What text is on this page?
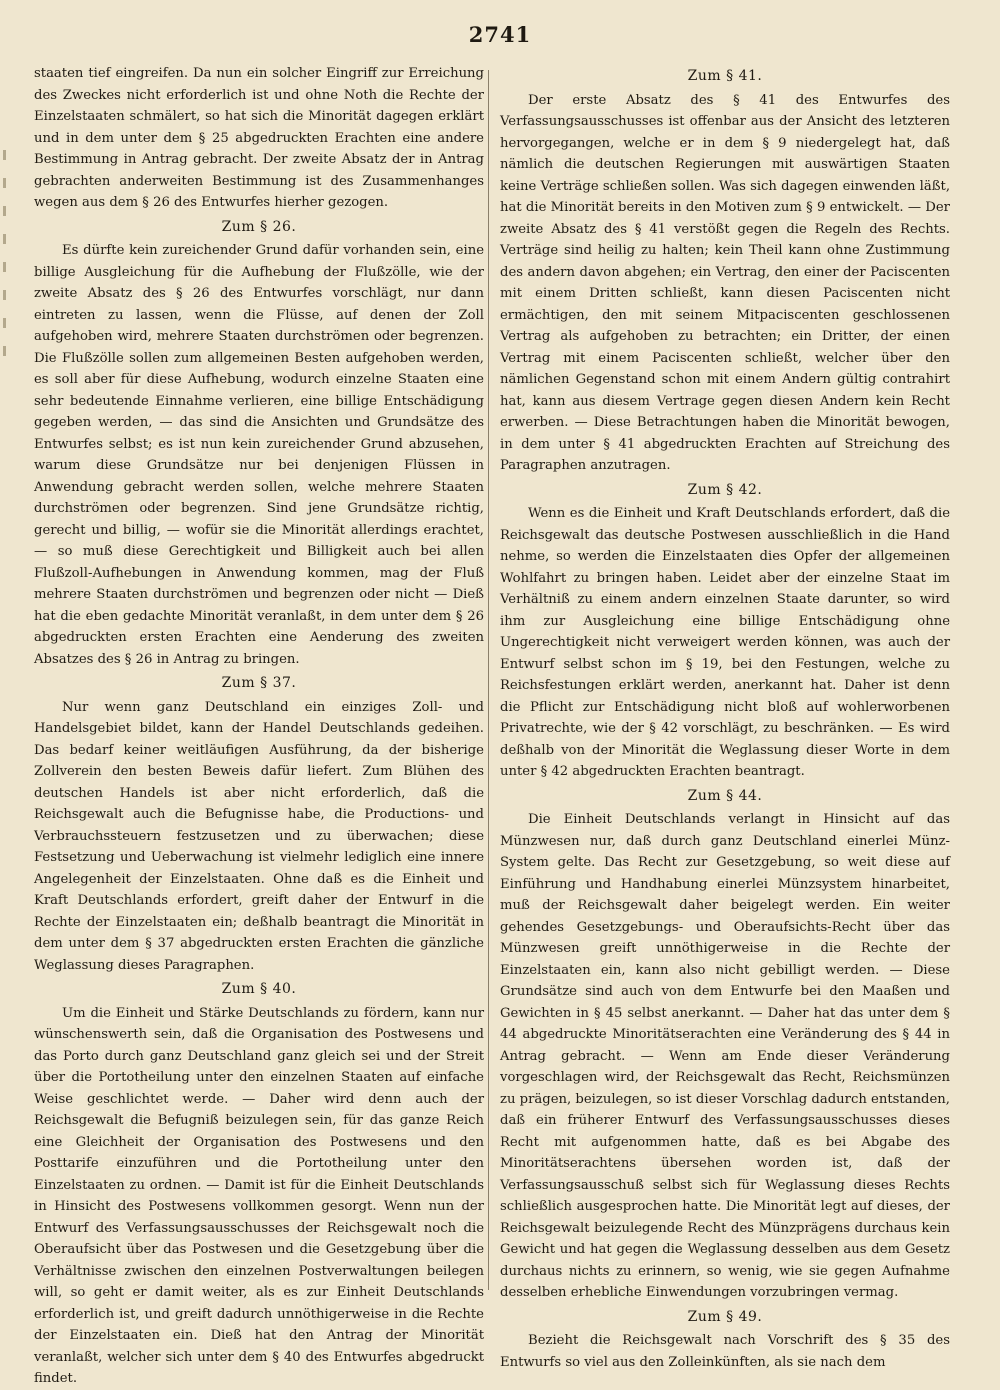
2741

staaten tief eingreifen. Da nun ein solcher Eingriff zur Erreichung des Zweckes nicht erforderlich ist und ohne Noth die Rechte der Einzelstaaten schmälert, so hat sich die Minorität dagegen erklärt und in dem unter dem § 25 abgedruckten Erachten eine andere Bestimmung in Antrag gebracht. Der zweite Absatz der in Antrag gebrachten anderweiten Bestimmung ist des Zusammenhanges wegen aus dem § 26 des Entwurfes hierher gezogen.

Zum § 26.

Es dürfte kein zureichender Grund dafür vorhanden sein, eine billige Ausgleichung für die Aufhebung der Flußzölle, wie der zweite Absatz des § 26 des Entwurfes vorschlägt, nur dann eintreten zu lassen, wenn die Flüsse, auf denen der Zoll aufgehoben wird, mehrere Staaten durchströmen oder begrenzen. Die Flußzölle sollen zum allgemeinen Besten aufgehoben werden, es soll aber für diese Aufhebung, wodurch einzelne Staaten eine sehr bedeutende Einnahme verlieren, eine billige Entschädigung gegeben werden, — das sind die Ansichten und Grundsätze des Entwurfes selbst; es ist nun kein zureichender Grund abzusehen, warum diese Grundsätze nur bei denjenigen Flüssen in Anwendung gebracht werden sollen, welche mehrere Staaten durchströmen oder begrenzen. Sind jene Grundsätze richtig, gerecht und billig, — wofür sie die Minorität allerdings erachtet, — so muß diese Gerechtigkeit und Billigkeit auch bei allen Flußzoll-Aufhebungen in Anwendung kommen, mag der Fluß mehrere Staaten durchströmen und begrenzen oder nicht — Dieß hat die eben gedachte Minorität veranlaßt, in dem unter dem § 26 abgedruckten ersten Erachten eine Aenderung des zweiten Absatzes des § 26 in Antrag zu bringen.

Zum § 37.

Nur wenn ganz Deutschland ein einziges Zoll- und Handelsgebiet bildet, kann der Handel Deutschlands gedeihen. Das bedarf keiner weitläufigen Ausführung, da der bisherige Zollverein den besten Beweis dafür liefert. Zum Blühen des deutschen Handels ist aber nicht erforderlich, daß die Reichsgewalt auch die Befugnisse habe, die Productions- und Verbrauchssteuern festzusetzen und zu überwachen; diese Festsetzung und Ueberwachung ist vielmehr lediglich eine innere Angelegenheit der Einzelstaaten. Ohne daß es die Einheit und Kraft Deutschlands erfordert, greift daher der Entwurf in die Rechte der Einzelstaaten ein; deßhalb beantragt die Minorität in dem unter dem § 37 abgedruckten ersten Erachten die gänzliche Weglassung dieses Paragraphen.

Zum § 40.

Um die Einheit und Stärke Deutschlands zu fördern, kann nur wünschenswerth sein, daß die Organisation des Postwesens und das Porto durch ganz Deutschland ganz gleich sei und der Streit über die Portotheilung unter den einzelnen Staaten auf einfache Weise geschlichtet werde. — Daher wird denn auch der Reichsgewalt die Befugniß beizulegen sein, für das ganze Reich eine Gleichheit der Organisation des Postwesens und den Posttarife einzuführen und die Portotheilung unter den Einzelstaaten zu ordnen. — Damit ist für die Einheit Deutschlands in Hinsicht des Postwesens vollkommen gesorgt. Wenn nun der Entwurf des Verfassungsausschusses der Reichsgewalt noch die Oberaufsicht über das Postwesen und die Gesetzgebung über die Verhältnisse zwischen den einzelnen Postverwaltungen beilegen will, so geht er damit weiter, als es zur Einheit Deutschlands erforderlich ist, und greift dadurch unnöthigerweise in die Rechte der Einzelstaaten ein. Dieß hat den Antrag der Minorität veranlaßt, welcher sich unter dem § 40 des Entwurfes abgedruckt findet.

Zum § 41.

Der erste Absatz des § 41 des Entwurfes des Verfassungsausschusses ist offenbar aus der Ansicht des letzteren hervorgegangen, welche er in dem § 9 niedergelegt hat, daß nämlich die deutschen Regierungen mit auswärtigen Staaten keine Verträge schließen sollen. Was sich dagegen einwenden läßt, hat die Minorität bereits in den Motiven zum § 9 entwickelt. — Der zweite Absatz des § 41 verstößt gegen die Regeln des Rechts. Verträge sind heilig zu halten; kein Theil kann ohne Zustimmung des andern davon abgehen; ein Vertrag, den einer der Paciscenten mit einem Dritten schließt, kann diesen Paciscenten nicht ermächtigen, den mit seinem Mitpaciscenten geschlossenen Vertrag als aufgehoben zu betrachten; ein Dritter, der einen Vertrag mit einem Paciscenten schließt, welcher über den nämlichen Gegenstand schon mit einem Andern gültig contrahirt hat, kann aus diesem Vertrage gegen diesen Andern kein Recht erwerben. — Diese Betrachtungen haben die Minorität bewogen, in dem unter § 41 abgedruckten Erachten auf Streichung des Paragraphen anzutragen.

Zum § 42.

Wenn es die Einheit und Kraft Deutschlands erfordert, daß die Reichsgewalt das deutsche Postwesen ausschließlich in die Hand nehme, so werden die Einzelstaaten dies Opfer der allgemeinen Wohlfahrt zu bringen haben. Leidet aber der einzelne Staat im Verhältniß zu einem andern einzelnen Staate darunter, so wird ihm zur Ausgleichung eine billige Entschädigung ohne Ungerechtigkeit nicht verweigert werden können, was auch der Entwurf selbst schon im § 19, bei den Festungen, welche zu Reichsfestungen erklärt werden, anerkannt hat. Daher ist denn die Pflicht zur Entschädigung nicht bloß auf wohlerworbenen Privatrechte, wie der § 42 vorschlägt, zu beschränken. — Es wird deßhalb von der Minorität die Weglassung dieser Worte in dem unter § 42 abgedruckten Erachten beantragt.

Zum § 44.

Die Einheit Deutschlands verlangt in Hinsicht auf das Münzwesen nur, daß durch ganz Deutschland einerlei Münz-System gelte. Das Recht zur Gesetzgebung, so weit diese auf Einführung und Handhabung einerlei Münzsystem hinarbeitet, muß der Reichsgewalt daher beigelegt werden. Ein weiter gehendes Gesetzgebungs- und Oberaufsichts-Recht über das Münzwesen greift unnöthigerweise in die Rechte der Einzelstaaten ein, kann also nicht gebilligt werden. — Diese Grundsätze sind auch von dem Entwurfe bei den Maaßen und Gewichten in § 45 selbst anerkannt. — Daher hat das unter dem § 44 abgedruckte Minoritätserachten eine Veränderung des § 44 in Antrag gebracht. — Wenn am Ende dieser Veränderung vorgeschlagen wird, der Reichsgewalt das Recht, Reichsmünzen zu prägen, beizulegen, so ist dieser Vorschlag dadurch entstanden, daß ein früherer Entwurf des Verfassungsausschusses dieses Recht mit aufgenommen hatte, daß es bei Abgabe des Minoritätserachtens übersehen worden ist, daß der Verfassungsausschuß selbst sich für Weglassung dieses Rechts schließlich ausgesprochen hatte. Die Minorität legt auf dieses, der Reichsgewalt beizulegende Recht des Münzprägens durchaus kein Gewicht und hat gegen die Weglassung desselben aus dem Gesetz durchaus nichts zu erinnern, so wenig, wie sie gegen Aufnahme desselben erhebliche Einwendungen vorzubringen vermag.

Zum § 49.

Bezieht die Reichsgewalt nach Vorschrift des § 35 des Entwurfs so viel aus den Zolleinkünften, als sie nach dem
